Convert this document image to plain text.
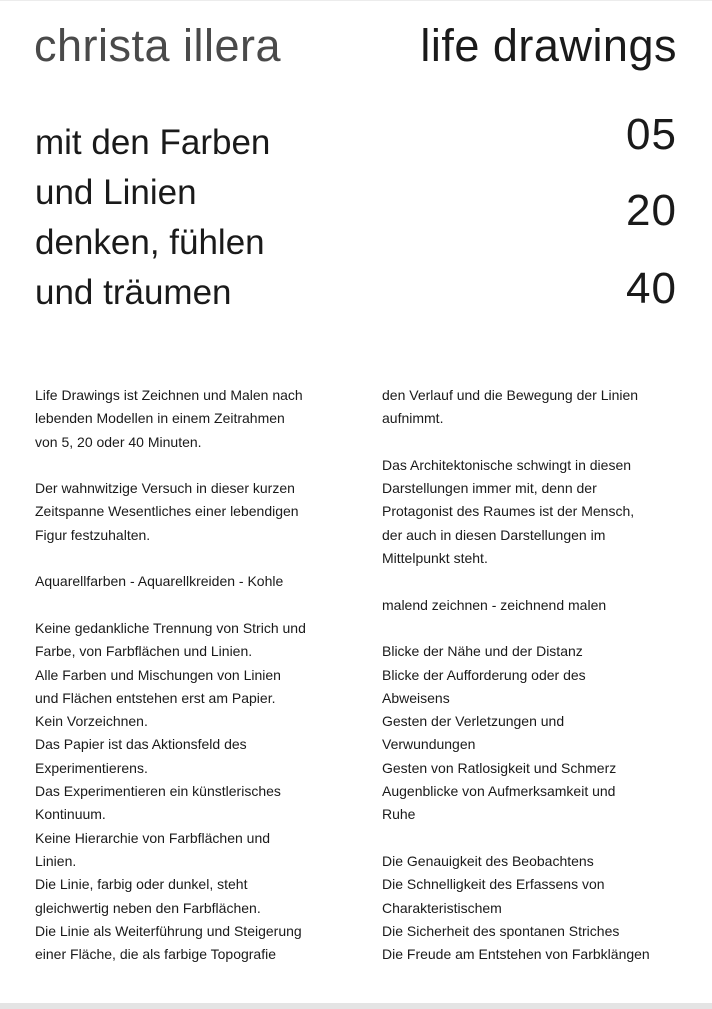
christa illera	life drawings
mit den Farben
und Linien
denken, fühlen
und träumen
05
20
40
Life Drawings ist Zeichnen und Malen nach
lebenden Modellen in einem Zeitrahmen
von 5, 20 oder 40 Minuten.
Der wahnwitzige Versuch in dieser kurzen
Zeitspanne Wesentliches einer lebendigen
Figur festzuhalten.
Aquarellfarben - Aquarellkreiden - Kohle
Keine gedankliche Trennung von Strich und
Farbe, von Farbflächen und Linien.
Alle Farben und Mischungen von Linien
und Flächen entstehen erst am Papier.
Kein Vorzeichnen.
Das Papier ist das Aktionsfeld des
Experimentierens.
Das Experimentieren ein künstlerisches
Kontinuum.
Keine Hierarchie von Farbflächen und
Linien.
Die Linie, farbig oder dunkel, steht
gleichwertig neben den Farbflächen.
Die Linie als Weiterführung und Steigerung
einer Fläche, die als farbige Topografie
den Verlauf und die Bewegung der Linien
aufnimmt.
Das Architektonische schwingt in diesen
Darstellungen immer mit, denn der
Protagonist des Raumes ist der Mensch,
der auch in diesen Darstellungen im
Mittelpunkt steht.
malend zeichnen - zeichnend malen
Blicke der Nähe und der Distanz
Blicke der Aufforderung oder des
Abweisens
Gesten der Verletzungen und
Verwundungen
Gesten von Ratlosigkeit und Schmerz
Augenblicke von Aufmerksamkeit und
Ruhe
Die Genauigkeit des Beobachtens
Die Schnelligkeit des Erfassens von
Charakteristischem
Die Sicherheit des spontanen Striches
Die Freude am Entstehen von Farbklängen
